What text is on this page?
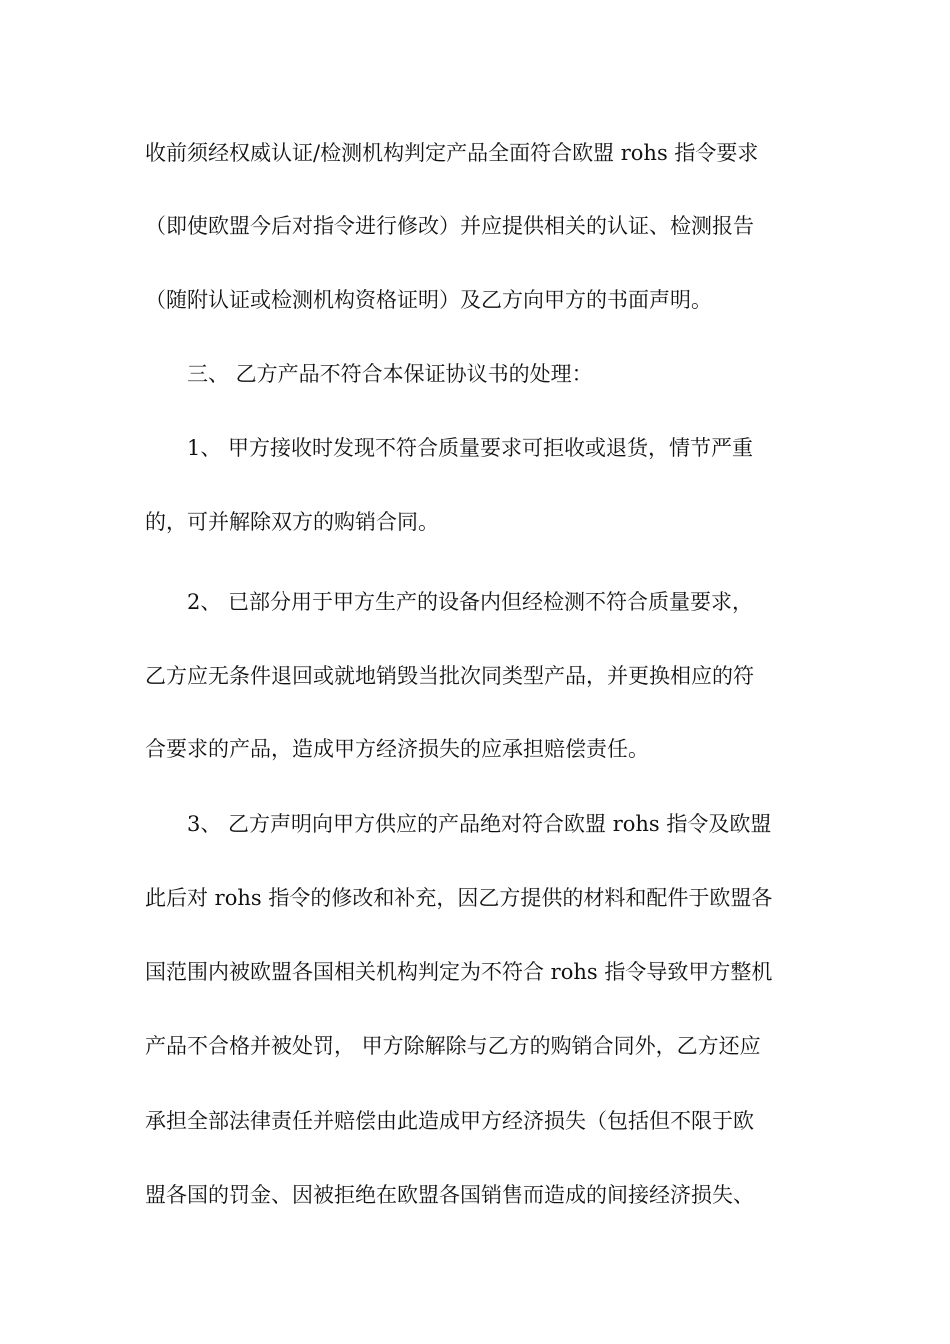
收前须经权威认证/检测机构判定产品全面符合欧盟 rohs 指令要求
（即使欧盟今后对指令进行修改）并应提供相关的认证、检测报告
（随附认证或检测机构资格证明）及乙方向甲方的书面声明。
三、 乙方产品不符合本保证协议书的处理：
1、 甲方接收时发现不符合质量要求可拒收或退货，情节严重
的，可并解除双方的购销合同。
2、 已部分用于甲方生产的设备内但经检测不符合质量要求，
乙方应无条件退回或就地销毁当批次同类型产品，并更换相应的符
合要求的产品，造成甲方经济损失的应承担赔偿责任。
3、 乙方声明向甲方供应的产品绝对符合欧盟 rohs 指令及欧盟
此后对 rohs 指令的修改和补充，因乙方提供的材料和配件于欧盟各
国范围内被欧盟各国相关机构判定为不符合 rohs 指令导致甲方整机
产品不合格并被处罚， 甲方除解除与乙方的购销合同外，乙方还应
承担全部法律责任并赔偿由此造成甲方经济损失（包括但不限于欧
盟各国的罚金、因被拒绝在欧盟各国销售而造成的间接经济损失、
